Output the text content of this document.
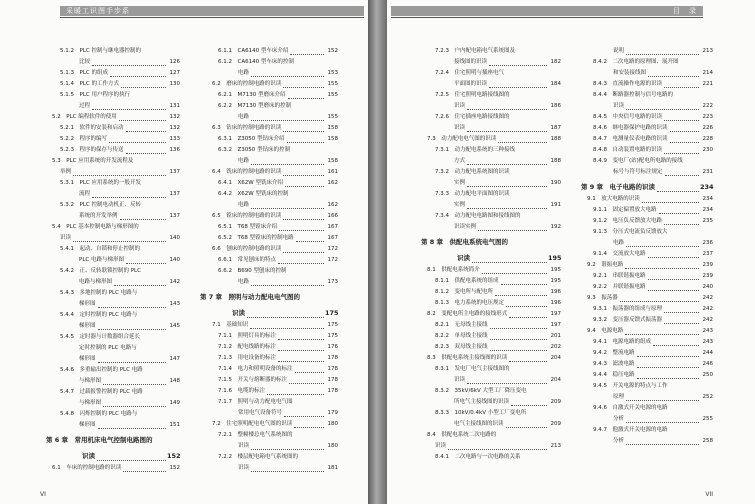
采暖工识图手步系
5.1.2　PLC 控制与继电器控制的
比较	126
5.1.3　PLC 的组成	127
5.1.4　PLC 的工作方式	130
5.1.5　PLC 用户程序的执行
过程	131
5.2　PLC 编程软件的使用	132
5.2.1　软件的安装和启动	132
5.2.2　程序的编写	133
5.2.3　程序的保存与传送	136
5.3　PLC 应用系统的开发流程及
举例	137
5.3.1　PLC 应用系统的一般开发
流程	137
5.3.2　PLC 控制电动机正、反转
系统的开发举例	137
5.4　PLC 基本控制电路与梯形图的
识读	140
5.4.1　起动、自锁和停止控制的
PLC 电路与梯形图	140
5.4.2　正、反转联锁控制的 PLC
电路与梯形图	142
5.4.3　多地控制的 PLC 电路与
梯形图	143
5.4.4　定时控制的 PLC 电路与
梯形图	145
5.4.5　定时器与计数器组合延长
定时控制的 PLC 电路与
梯形图	147
5.4.6　多重输出控制的 PLC 电路
与梯形图	148
5.4.7　过载报警控制的 PLC 电路
与梯形图	149
5.4.8　闪烁控制的 PLC 电路与
梯形图	151
第 6 章　常用机床电气控制电路图的
识读	152
6.1　车床的控制电路的识读	152
6.1.1　CA6140 型车床介绍	152
6.1.2　CA6140 型车床的控制
电路	153
6.2　磨床的控制电路的识读	155
6.2.1　M7130 型磨床介绍	155
6.2.2　M7130 型磨床的控制
电路	155
6.3　钻床的控制电路的识读	158
6.3.1　Z3050 型钻床介绍	158
6.3.2　Z3050 型钻床的控制
电路	158
6.4　铣床的控制电路的识读	161
6.4.1　X62W 型铣床介绍	162
6.4.2　X62W 型铣床的控制
电路	162
6.5　镗床的控制电路的识读	166
6.5.1　T68 型镗床介绍	167
6.5.2　T68 型镗床的控制电路	167
6.6　刨床的控制电路的识读	172
6.6.1　常见刨床的特点	172
6.6.2　B690 型刨床的控制
电路	173
第 7 章　照明与动力配电电气图的
识读	175
7.1　基础知识	175
7.1.1　照明灯具的标注	175
7.1.2　配电线路的标注	176
7.1.3　用电设备的标注	178
7.1.4　电力和照明设备的标注	178
7.1.5　开关与熔断器的标注	178
7.1.6　电缆的标注	178
7.1.7　照明与动力配电电气图
常用电气设备符号	179
7.2　住宅照明配电电气图的识读	180
7.2.1　整幢楼总电气系统图的
识读	180
7.2.2　楼层配电箱电气系统图的
识读	181
VI
目　录
7.2.3　户内配电箱电气系统图及
接线图的识读	182
7.2.4　住宅照明与插座电气
平面图的识读	184
7.2.5　住宅照明电路接线图的
识读	186
7.2.6　住宅插座电路接线图的
识读	187
7.3　动力配电电气图的识读	188
7.3.1　动力配电系统的三种接线
方式	188
7.3.2　动力配电系统图的识读
实例	190
7.3.3　动力配电平面图的识读
实例	191
7.3.4　动力配电电路图和接线图的
识读实例	192
第 8 章　供配电系统电气图的
识读	195
8.1　供配电系统简介	195
8.1.1　供配电系统的组成	195
8.1.2　变电所与配电所	196
8.1.3　电力系统的电压规定	196
8.2　变配电所主电路的接线形式	197
8.2.1　无母线主接线	197
8.2.2　单母线主接线	201
8.2.3　双母线主接线	202
8.3　供配电系统主接线图的识读	204
8.3.1　发电厂电气主接线图的
识读	204
8.3.2　35kV/6kV 大型工厂降压变电
所电气主接线图的识读	209
8.3.3　10kV/0.4kV 小型工厂变电所
电气主接线图的识读	209
8.4　供配电系统二次电路的
识读	213
8.4.1　二次电路与一次电路的关系
说明	213
8.4.2　二次电路的原理图、展开图
和安装接线图	214
8.4.3　直流操作电源的识读	221
8.4.4　断路器控制与信号电路的
识读	222
8.4.5　中央信号电路的识读	223
8.4.6　继电器保护电路的识读	226
8.4.7　电测量仪表电路的识读	228
8.4.8　自动装置电路的识读	230
8.4.9　变电厂(站)配电所电路的接线
标号与符号标注规定	231
第 9 章　电子电路的识读	234
9.1　放大电路的识读	234
9.1.1　固定偏置放大电路	234
9.1.2　电压负反馈放大电路	235
9.1.3　分压式电流负反馈放大
电路	236
9.1.4　交流放大电路	237
9.2　谐振电路	239
9.2.1　串联谐振电路	239
9.2.2　并联谐振电路	240
9.3　振荡器	242
9.3.1　振荡器的组成与原理	242
9.3.2　变压器反馈式振荡器	242
9.4　电源电路	243
9.4.1　电源电路的组成	243
9.4.2　整流电路	244
9.4.3　滤波电路	246
9.4.4　稳压电路	250
9.4.5　开关电源的特点与工作
原理	252
9.4.6　自激式开关电源的电路
分析	255
9.4.7　他激式开关电源的电路
分析	258
VII
